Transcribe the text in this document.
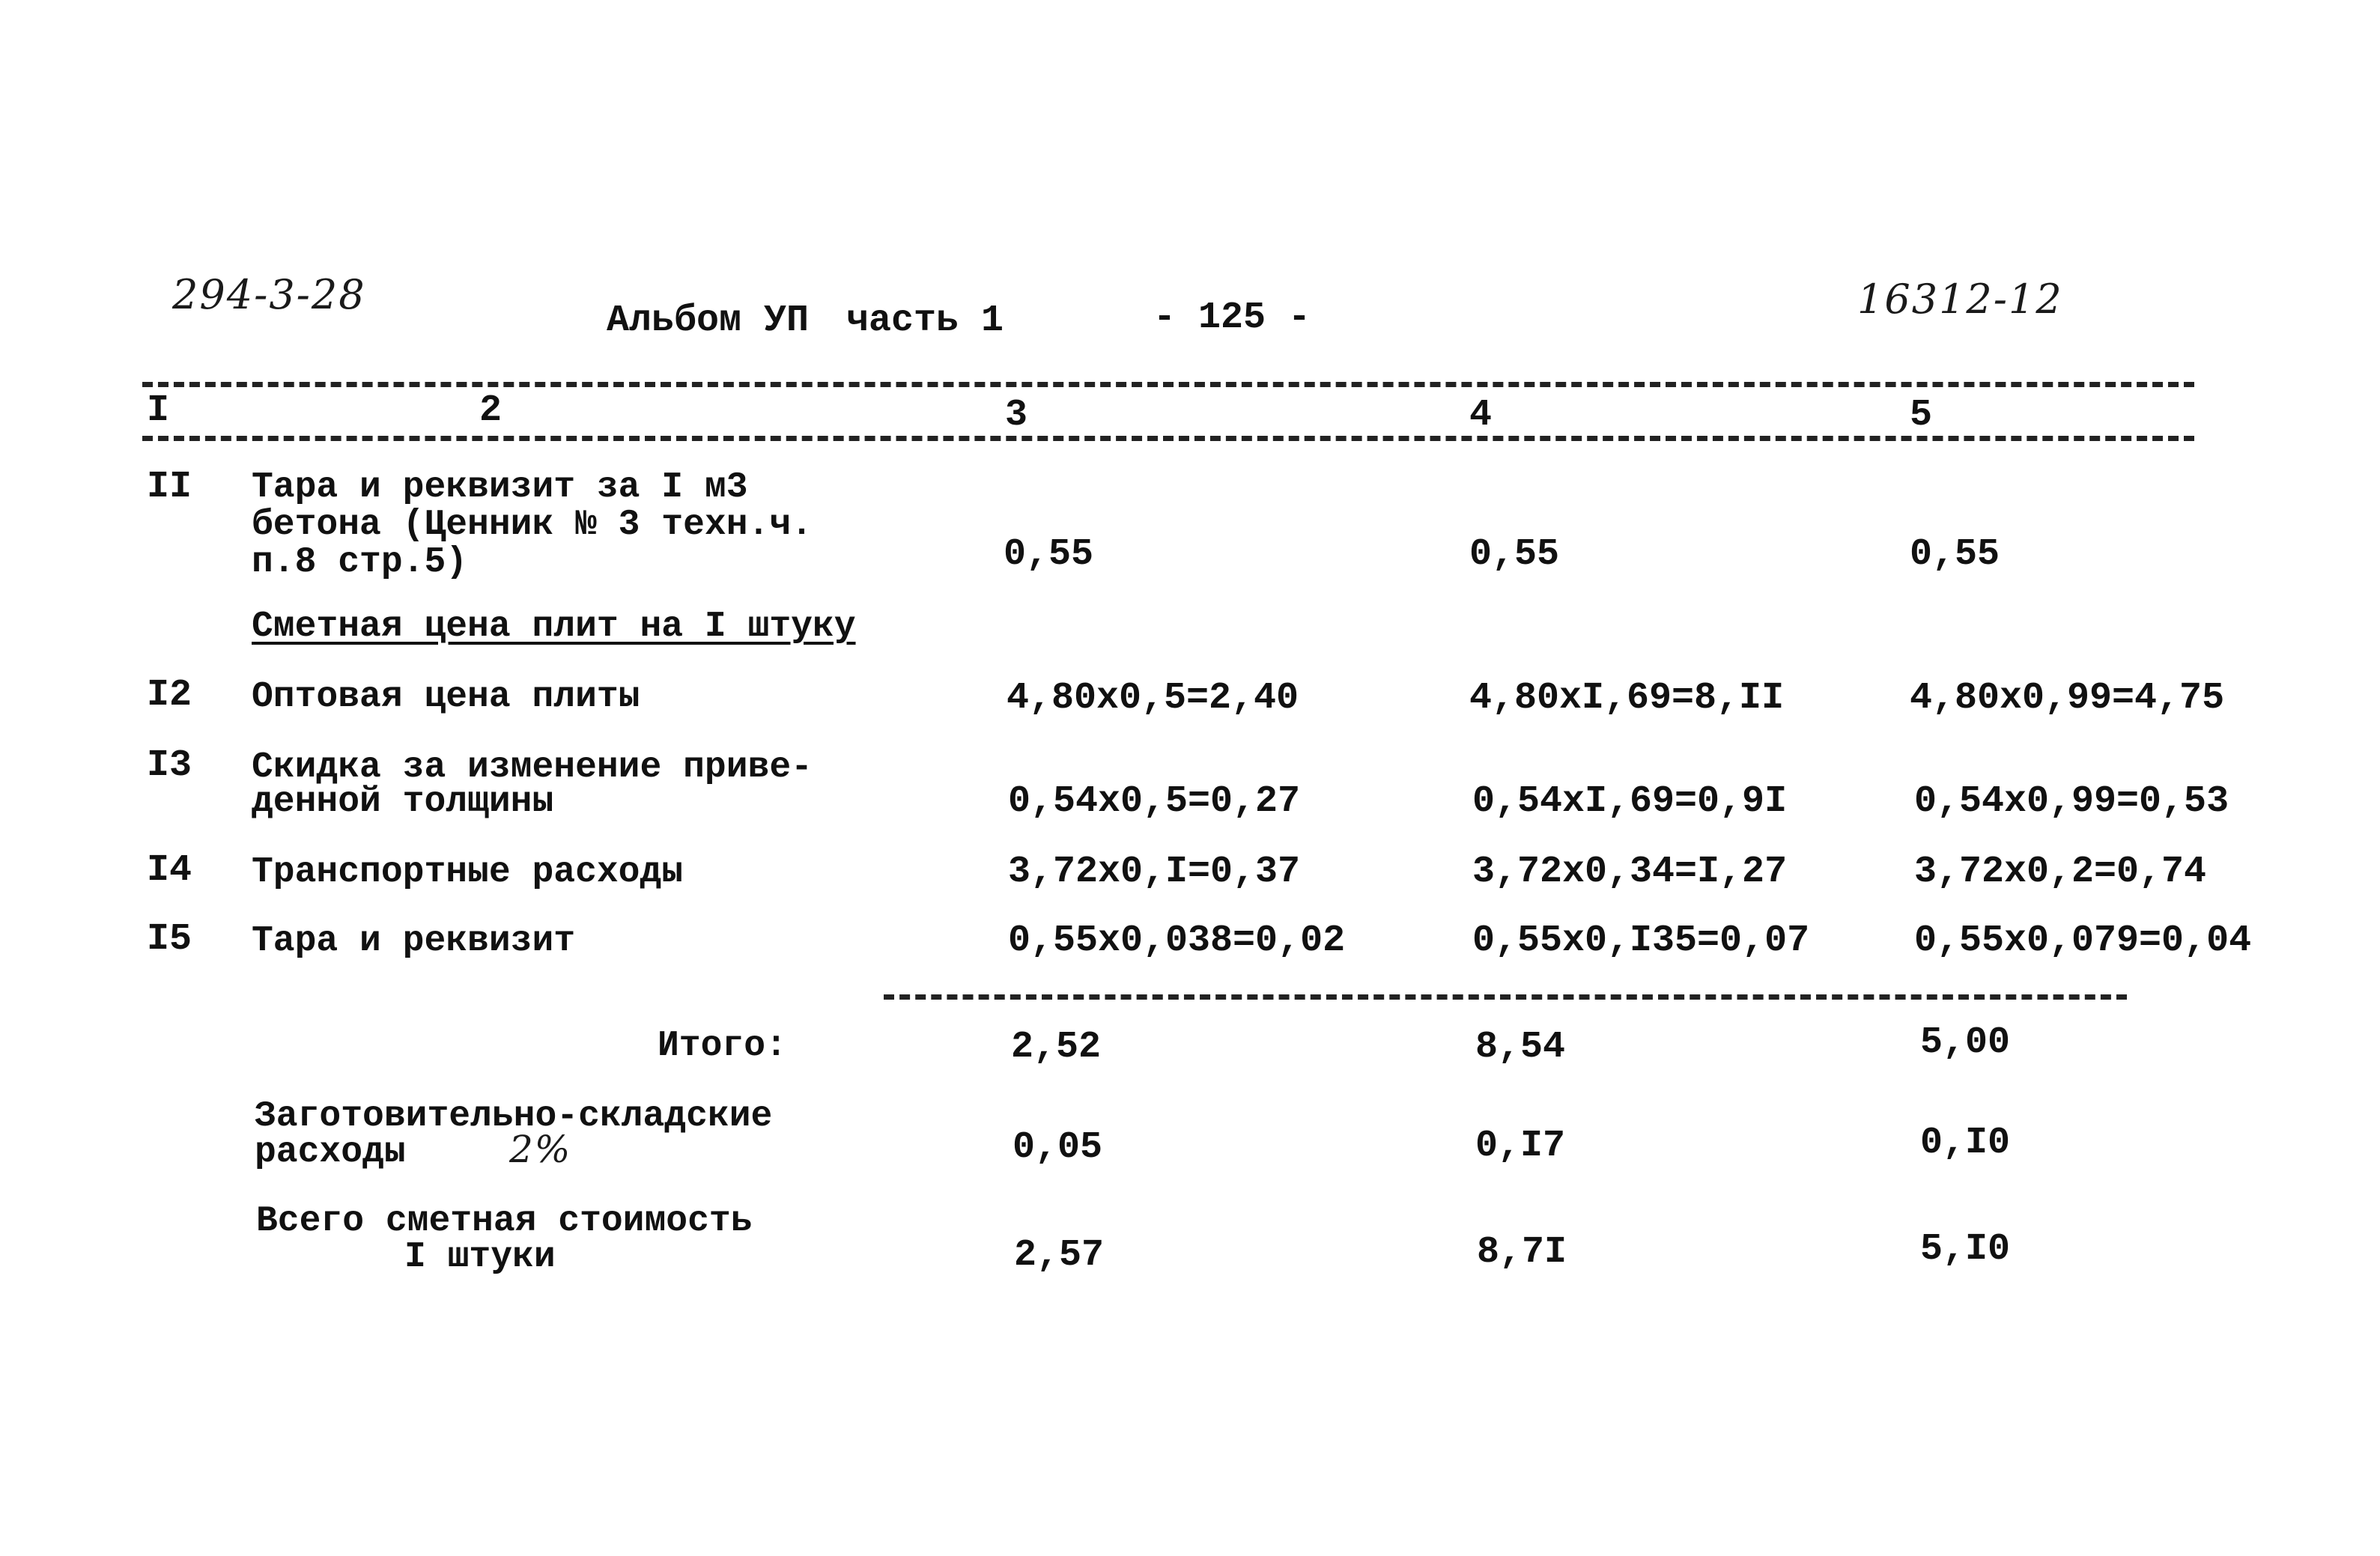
294-3-28
Альбом УП часть 1	- 125 -	16312-12
I	2	3	4	5
II Тара и реквизит за I м3
бетона (Ценник № 3 техн.ч.
п.8 стр.5)	0,55	0,55	0,55
Сметная цена плит на I штуку
I2 Оптовая цена плиты	4,80х0,5=2,40	4,80хI,69=8,II	4,80х0,99=4,75
I3 Скидка за изменение приве-
денной толщины	0,54х0,5=0,27	0,54хI,69=0,9I	0,54х0,99=0,53
I4 Транспортные расходы	3,72х0,I=0,37	3,72х0,34=I,27	3,72х0,2=0,74
I5 Тара и реквизит	0,55х0,038=0,02	0,55х0,I35=0,07	0,55х0,079=0,04
Итого:	2,52	8,54	5,00
Заготовительно-складские
расходы	2%	0,05	0,I7	0,I0
Всего сметная стоимость
I штуки	2,57	8,7I	5,I0
